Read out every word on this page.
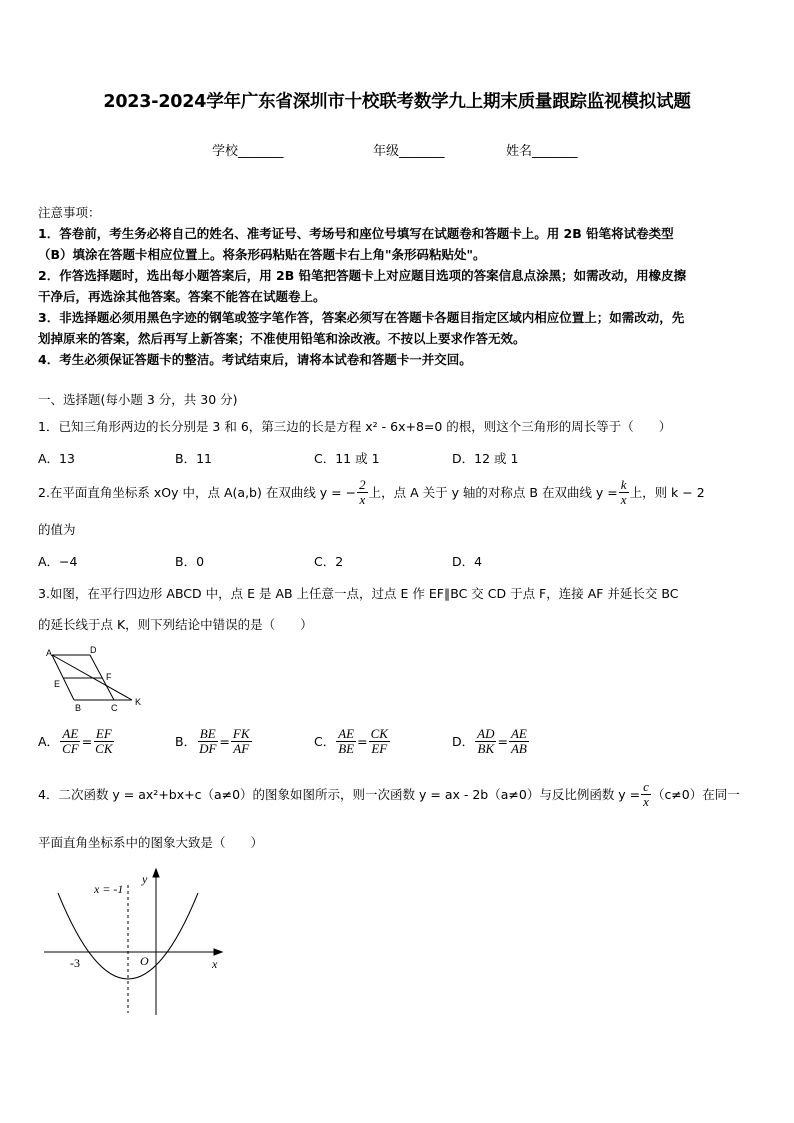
2023-2024学年广东省深圳市十校联考数学九上期末质量跟踪监视模拟试题
学校_______	年级_______	姓名_______
注意事项：
1．答卷前，考生务必将自己的姓名、准考证号、考场号和座位号填写在试题卷和答题卡上。用 2B 铅笔将试卷类型
（B）填涂在答题卡相应位置上。将条形码粘贴在答题卡右上角"条形码粘贴处"。
2．作答选择题时，选出每小题答案后，用 2B 铅笔把答题卡上对应题目选项的答案信息点涂黑；如需改动，用橡皮擦
干净后，再选涂其他答案。答案不能答在试题卷上。
3．非选择题必须用黑色字迹的钢笔或签字笔作答，答案必须写在答题卡各题目指定区域内相应位置上；如需改动，先
划掉原来的答案，然后再写上新答案；不准使用铅笔和涂改液。不按以上要求作答无效。
4．考生必须保证答题卡的整洁。考试结束后，请将本试卷和答题卡一并交回。
一、选择题(每小题 3 分，共 30 分)
1．已知三角形两边的长分别是 3 和 6，第三边的长是方程 x² - 6x+8=0 的根，则这个三角形的周长等于（　　）
A．13	B．11	C．11 或 1	D．12 或 1
2.在平面直角坐标系 xOy 中，点 A(a,b) 在双曲线 y = − $\frac{2}{x}$ 上，点 A 关于 y 轴的对称点 B 在双曲线 $y = \frac{k}{x}$ 上，则 k − 2
的值为
A．−4	B．0	C．2	D．4
3.如图，在平行四边形 ABCD 中，点 E 是 AB 上任意一点，过点 E 作 EF∥BC 交 CD 于点 F，连接 AF 并延长交 BC
的延长线于点 K，则下列结论中错误的是（　　）
A	D
E
F
B	C
K
A． $\frac{AE}{CF} = \frac{EF}{CK}$	B． $\frac{BE}{DF} = \frac{FK}{AF}$	C． $\frac{AE}{BE} = \frac{CK}{EF}$	D． $\frac{AD}{BK} = \frac{AE}{AB}$
4．二次函数 y = ax²+bx+c（a≠0）的图象如图所示，则一次函数 y = ax - 2b（a≠0）与反比例函数 $y = \frac{c}{x} (c\ne 0)$在同一
平面直角坐标系中的图象大致是（　　）
x = -1
y
x
O
-3
